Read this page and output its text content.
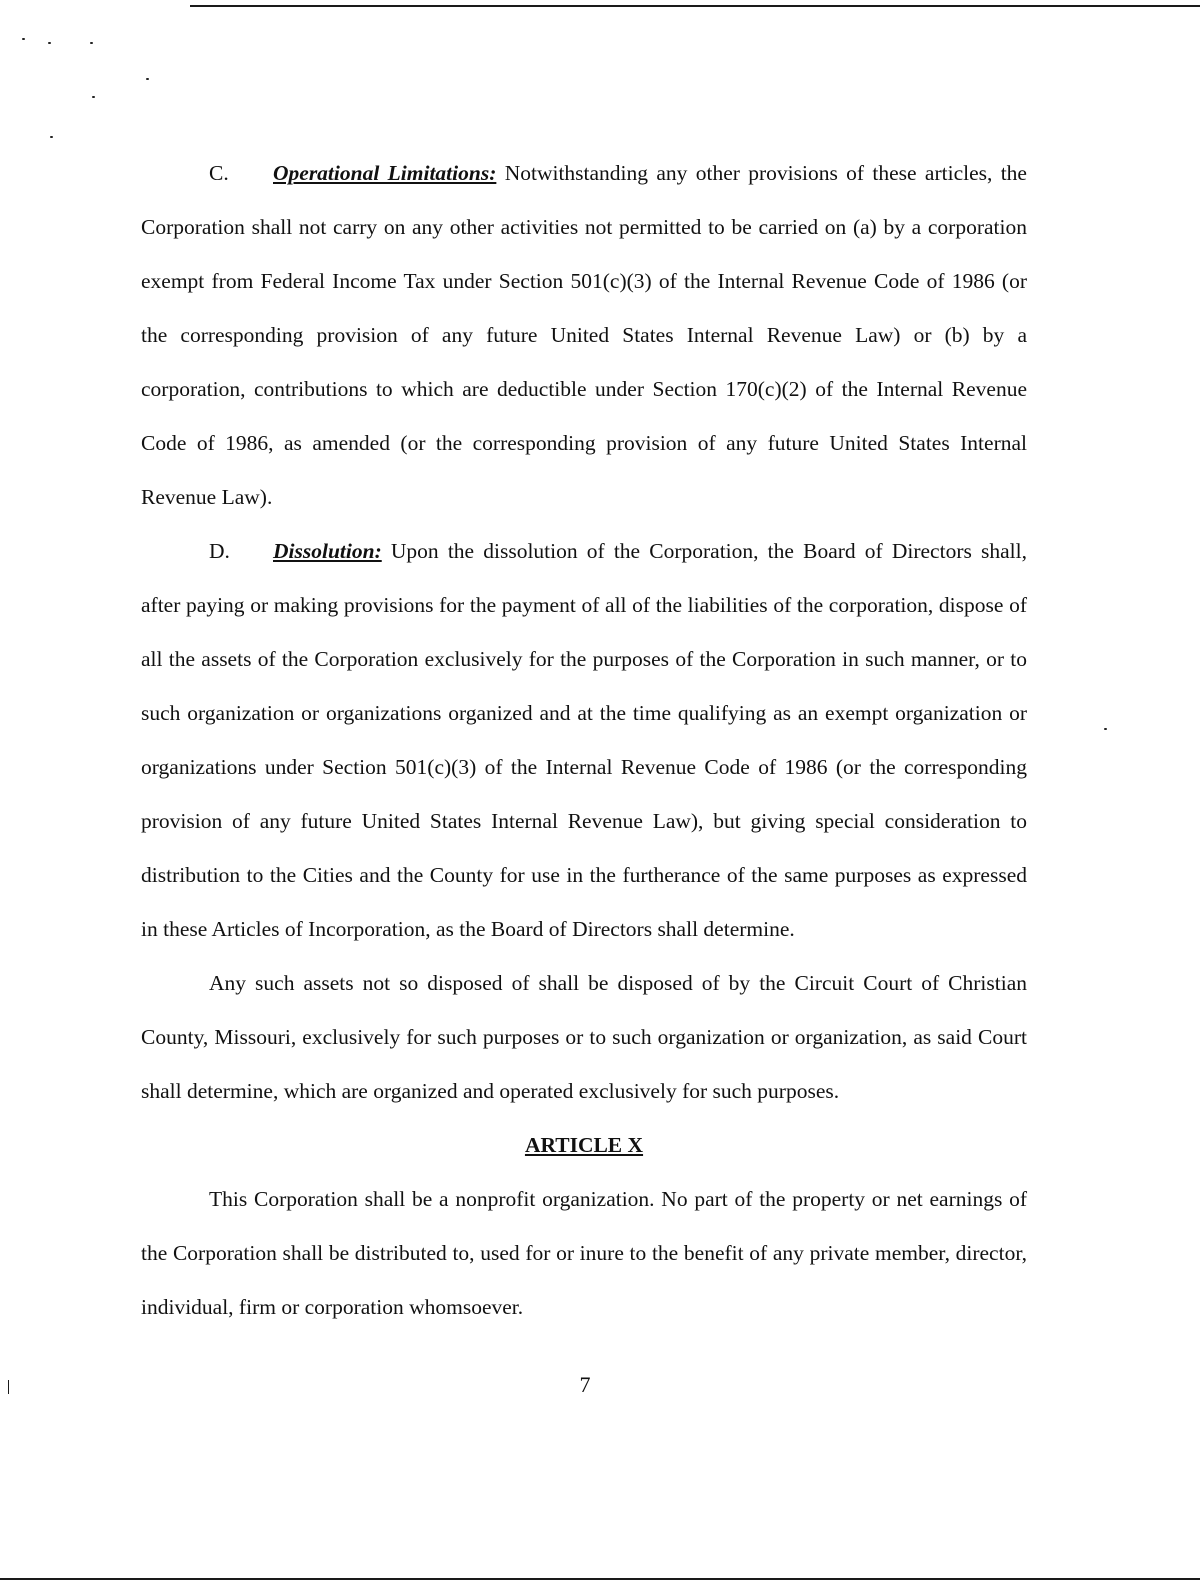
C. Operational Limitations: Notwithstanding any other provisions of these articles, the Corporation shall not carry on any other activities not permitted to be carried on (a) by a corporation exempt from Federal Income Tax under Section 501(c)(3) of the Internal Revenue Code of 1986 (or the corresponding provision of any future United States Internal Revenue Law) or (b) by a corporation, contributions to which are deductible under Section 170(c)(2) of the Internal Revenue Code of 1986, as amended (or the corresponding provision of any future United States Internal Revenue Law).

D. Dissolution: Upon the dissolution of the Corporation, the Board of Directors shall, after paying or making provisions for the payment of all of the liabilities of the corporation, dispose of all the assets of the Corporation exclusively for the purposes of the Corporation in such manner, or to such organization or organizations organized and at the time qualifying as an exempt organization or organizations under Section 501(c)(3) of the Internal Revenue Code of 1986 (or the corresponding provision of any future United States Internal Revenue Law), but giving special consideration to distribution to the Cities and the County for use in the furtherance of the same purposes as expressed in these Articles of Incorporation, as the Board of Directors shall determine.

Any such assets not so disposed of shall be disposed of by the Circuit Court of Christian County, Missouri, exclusively for such purposes or to such organization or organization, as said Court shall determine, which are organized and operated exclusively for such purposes.

ARTICLE X

This Corporation shall be a nonprofit organization. No part of the property or net earnings of the Corporation shall be distributed to, used for or inure to the benefit of any private member, director, individual, firm or corporation whomsoever.

7
